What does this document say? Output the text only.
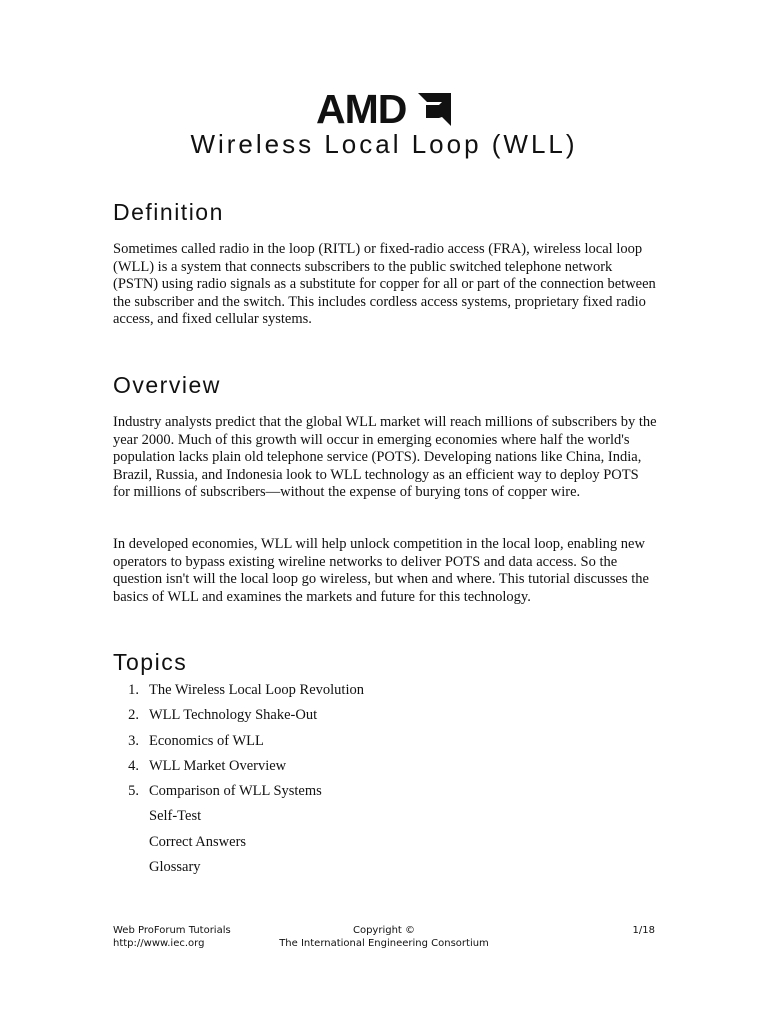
AMD
Wireless Local Loop (WLL)
Definition

Sometimes called radio in the loop (RITL) or fixed-radio access (FRA), wireless local loop (WLL) is a system that connects subscribers to the public switched telephone network (PSTN) using radio signals as a substitute for copper for all or part of the connection between the subscriber and the switch. This includes cordless access systems, proprietary fixed radio access, and fixed cellular systems.

Overview

Industry analysts predict that the global WLL market will reach millions of subscribers by the year 2000. Much of this growth will occur in emerging economies where half the world's population lacks plain old telephone service (POTS). Developing nations like China, India, Brazil, Russia, and Indonesia look to WLL technology as an efficient way to deploy POTS for millions of subscribers—without the expense of burying tons of copper wire.

In developed economies, WLL will help unlock competition in the local loop, enabling new operators to bypass existing wireline networks to deliver POTS and data access. So the question isn't will the local loop go wireless, but when and where. This tutorial discusses the basics of WLL and examines the markets and future for this technology.

Topics
1. The Wireless Local Loop Revolution
2. WLL Technology Shake-Out
3. Economics of WLL
4. WLL Market Overview
5. Comparison of WLL Systems
Self-Test
Correct Answers
Glossary
Web ProForum Tutorials
http://www.iec.org
Copyright ©
The International Engineering Consortium
1/18
